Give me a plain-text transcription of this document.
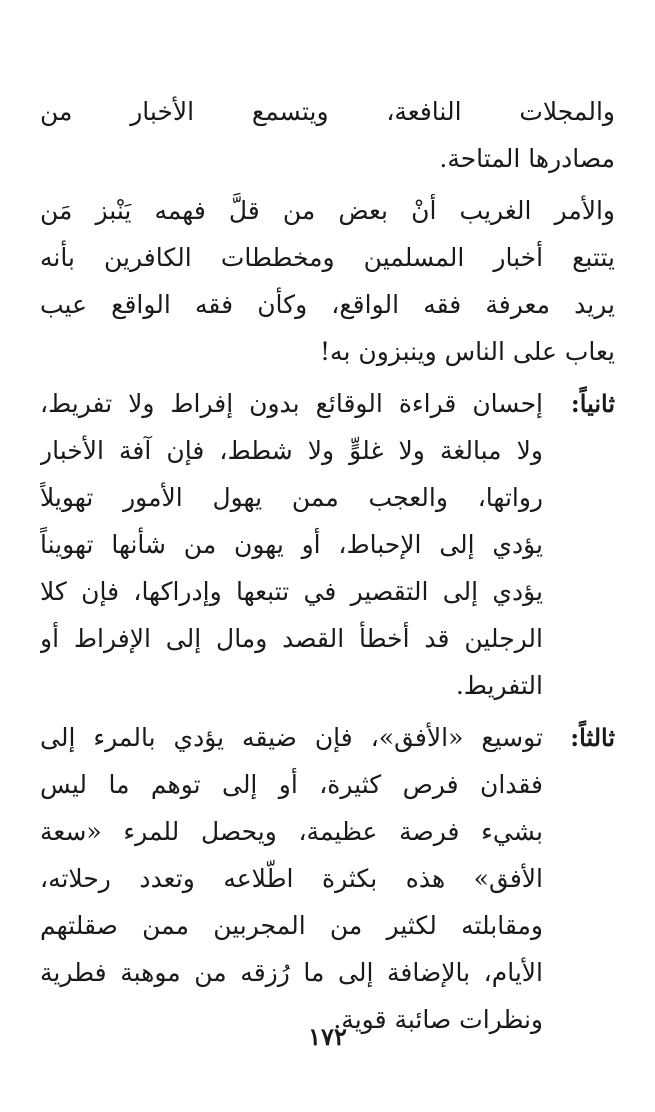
والمجلات النافعة، ويتسمع الأخبار من
مصادرها المتاحة.
والأمر الغريب أنْ بعض من قلَّ فهمه يَنْبز مَن
يتتبع أخبار المسلمين ومخططات الكافرين بأنه
يريد معرفة فقه الواقع، وكأن فقه الواقع عيب
يعاب على الناس وينبزون به!
ثانياً:
إحسان قراءة الوقائع بدون إفراط ولا تفريط،
ولا مبالغة ولا غلوٍّ ولا شطط، فإن آفة الأخبار
رواتها، والعجب ممن يهول الأمور تهويلاً
يؤدي إلى الإحباط، أو يهون من شأنها تهويناً
يؤدي إلى التقصير في تتبعها وإدراكها، فإن كلا
الرجلين قد أخطأ القصد ومال إلى الإفراط أو
التفريط.
ثالثاً:
توسيع «الأفق»، فإن ضيقه يؤدي بالمرء إلى
فقدان فرص كثيرة، أو إلى توهم ما ليس
بشيء فرصة عظيمة، ويحصل للمرء «سعة
الأفق» هذه بكثرة اطّلاعه وتعدد رحلاته،
ومقابلته لكثير من المجربين ممن صقلتهم
الأيام، بالإضافة إلى ما رُزقه من موهبة فطرية
ونظرات صائبة قوية.
١٧٢
